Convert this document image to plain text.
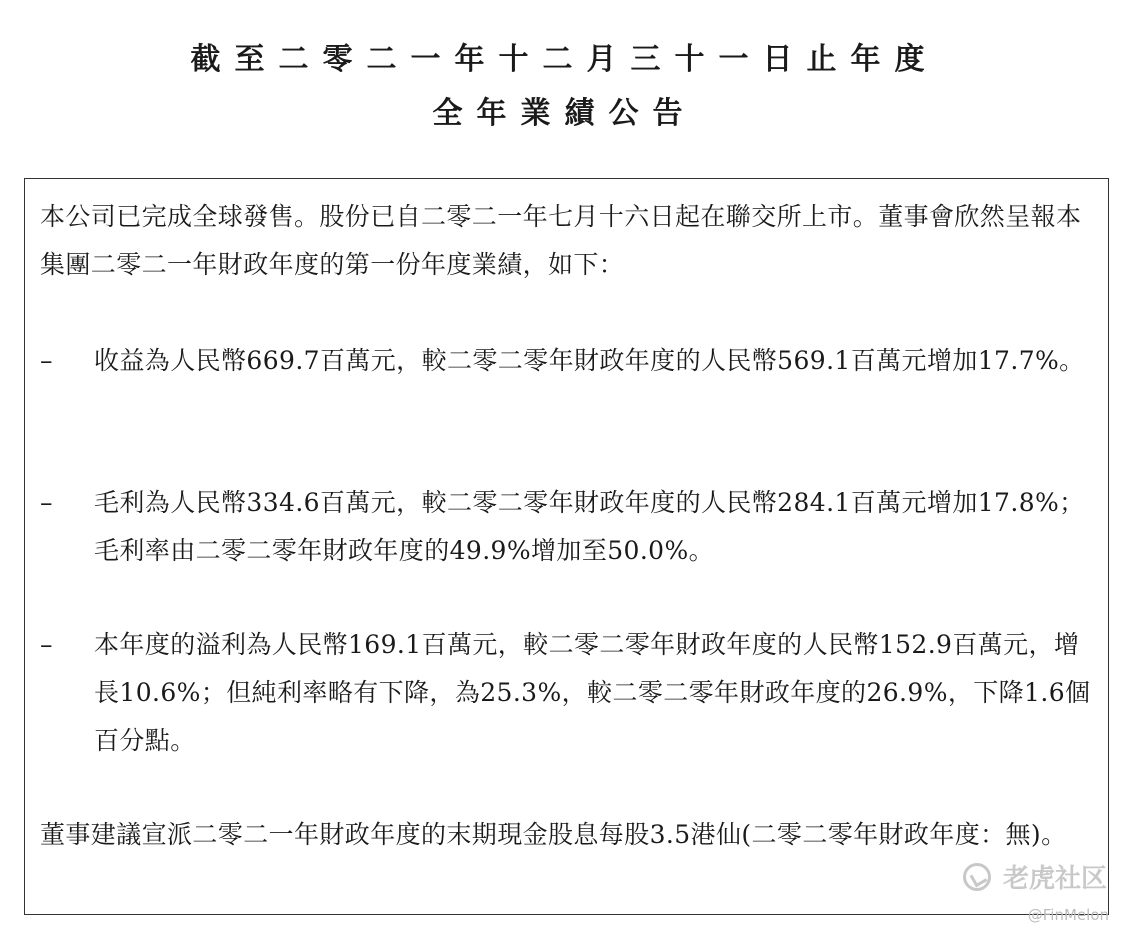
截至二零二一年十二月三十一日止年度
全年業績公告

本公司已完成全球發售。股份已自二零二一年七月十六日起在聯交所上市。董事會欣然呈報本集團二零二一年財政年度的第一份年度業績，如下：

– 收益為人民幣669.7百萬元，較二零二零年財政年度的人民幣569.1百萬元增加17.7%。

– 毛利為人民幣334.6百萬元，較二零二零年財政年度的人民幣284.1百萬元增加17.8%；毛利率由二零二零年財政年度的49.9%增加至50.0%。

– 本年度的溢利為人民幣169.1百萬元，較二零二零年財政年度的人民幣152.9百萬元，增長10.6%；但純利率略有下降，為25.3%，較二零二零年財政年度的26.9%，下降1.6個百分點。

董事建議宣派二零二一年財政年度的末期現金股息每股3.5港仙(二零二零年財政年度：無)。

老虎社区
@FinMelon
